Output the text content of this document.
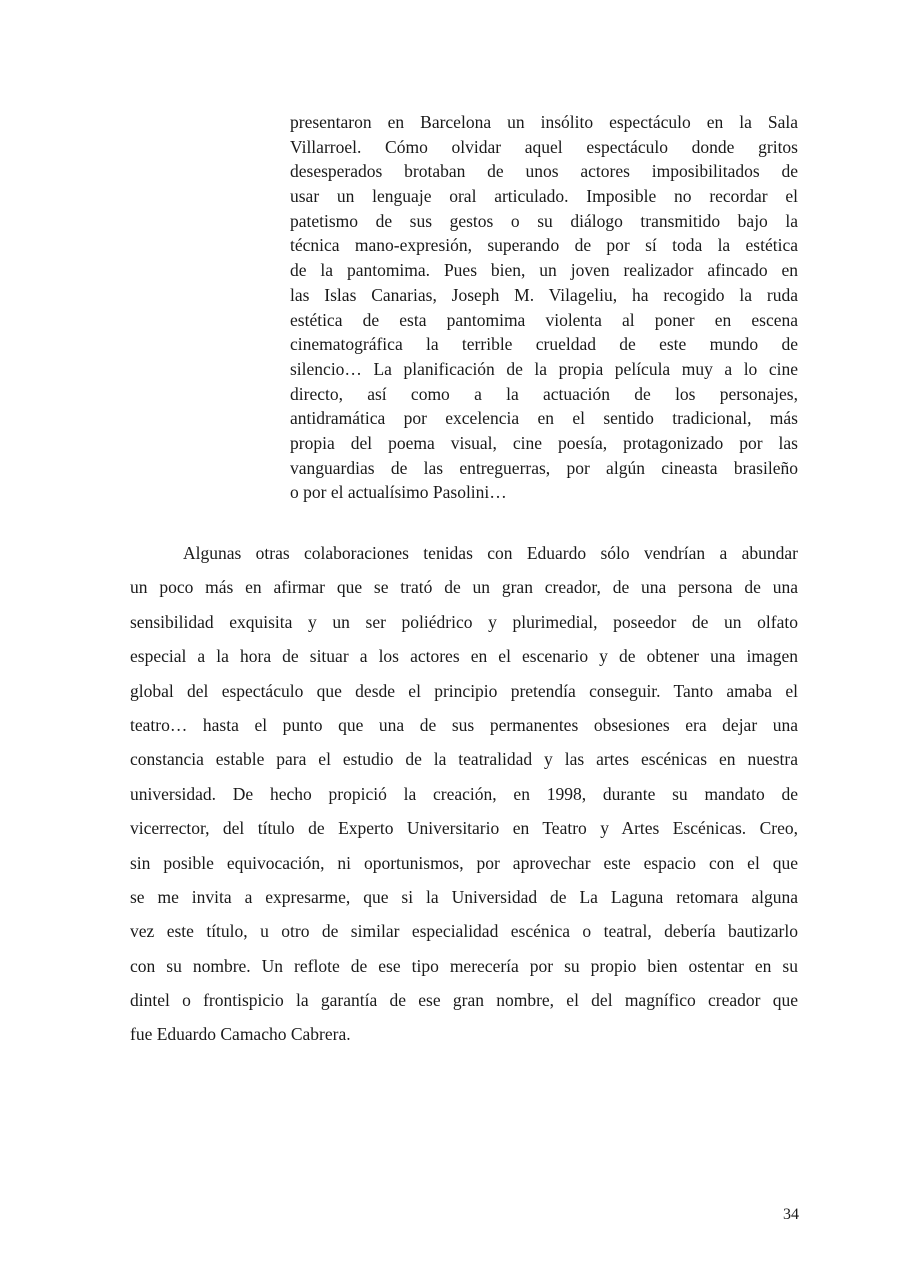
presentaron en Barcelona un insólito espectáculo en la Sala
Villarroel. Cómo olvidar aquel espectáculo donde gritos
desesperados brotaban de unos actores imposibilitados de
usar un lenguaje oral articulado. Imposible no recordar el
patetismo de sus gestos o su diálogo transmitido bajo la
técnica mano-expresión, superando de por sí toda la estética
de la pantomima. Pues bien, un joven realizador afincado en
las Islas Canarias, Joseph M. Vilageliu, ha recogido la ruda
estética de esta pantomima violenta al poner en escena
cinematográfica la terrible crueldad de este mundo de
silencio… La planificación de la propia película muy a lo cine
directo, así como a la actuación de los personajes,
antidramática por excelencia en el sentido tradicional, más
propia del poema visual, cine poesía, protagonizado por las
vanguardias de las entreguerras, por algún cineasta brasileño
o por el actualísimo Pasolini…
Algunas otras colaboraciones tenidas con Eduardo sólo vendrían a abundar
un poco más en afirmar que se trató de un gran creador, de una persona de una
sensibilidad exquisita y un ser poliédrico y plurimedial, poseedor de un olfato
especial a la hora de situar a los actores en el escenario y de obtener una imagen
global del espectáculo que desde el principio pretendía conseguir. Tanto amaba el
teatro… hasta el punto que una de sus permanentes obsesiones era dejar una
constancia estable para el estudio de la teatralidad y las artes escénicas en nuestra
universidad. De hecho propició la creación, en 1998, durante su mandato de
vicerrector, del título de Experto Universitario en Teatro y Artes Escénicas. Creo,
sin posible equivocación, ni oportunismos, por aprovechar este espacio con el que
se me invita a expresarme, que si la Universidad de La Laguna retomara alguna
vez este título, u otro de similar especialidad escénica o teatral, debería bautizarlo
con su nombre. Un reflote de ese tipo merecería por su propio bien ostentar en su
dintel o frontispicio la garantía de ese gran nombre, el del magnífico creador que
fue Eduardo Camacho Cabrera.
34
